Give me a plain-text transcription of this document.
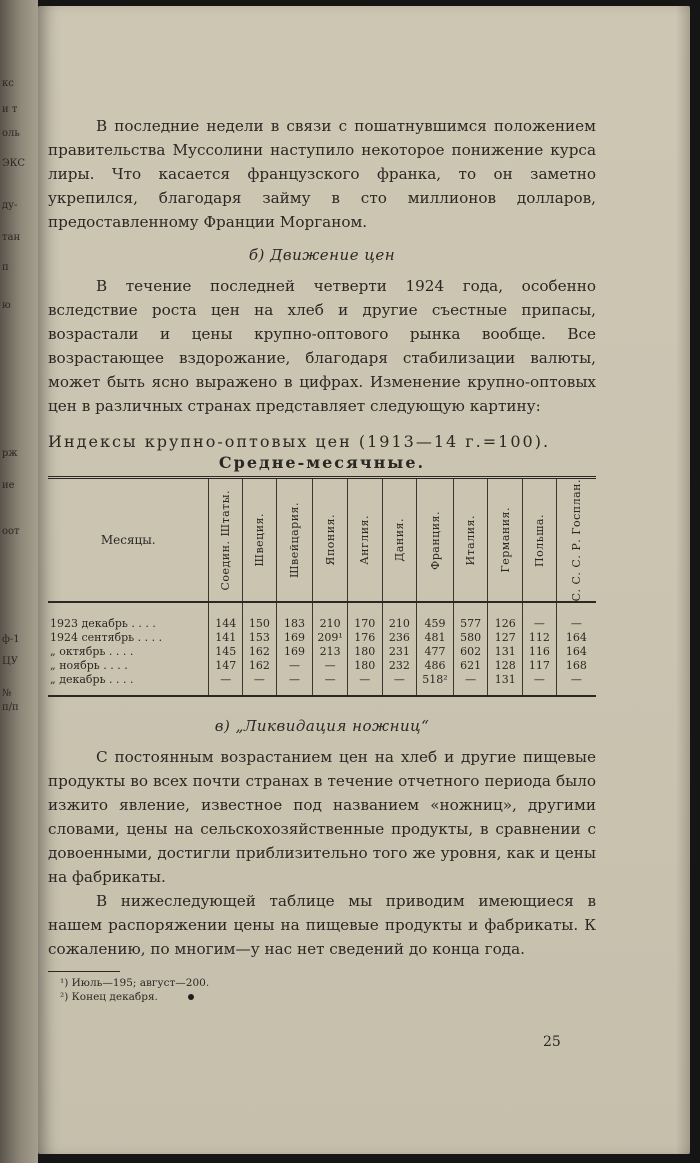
кс
и т
оль
ЭКС
ду-
тан
п
ю
рж
ие
оот
ф-1
ЦУ
№
п/п

В последние недели в связи с пошатнувшимся положением правительства Муссолини наступило некоторое понижение курса лиры. Что касается французского франка, то он заметно укрепился, благодаря займу в сто миллионов долларов, предоставленному Франции Морганом.

б) Движение цен

В течение последней четверти 1924 года, особенно вследствие роста цен на хлеб и другие съестные припасы, возрастали и цены крупно-оптового рынка вообще. Все возрастающее вздорожание, благодаря стабилизации валюты, может быть ясно выражено в цифрах. Изменение крупно-оптовых цен в различных странах представляет следующую картину:

Индексы крупно-оптовых цен (1913—14 г.=100).
Средне-месячные.
Месяцы.	Соедин. Штаты.	Швеция.	Швейцария.	Япония.	Англия.	Дания.	Франция.	Италия.	Германия.	Польша.	С. С. С. Р. Госплан.

1923 декабрь . . . .	144	150	183	210	170	210	459	577	126	—	—
1924 сентябрь . . . .	141	153	169	209¹	176	236	481	580	127	112	164
„ октябрь . . . .	145	162	169	213	180	231	477	602	131	116	164
„ ноябрь . . . .	147	162	—	—	180	232	486	621	128	117	168
„ декабрь . . . .	—	—	—	—	—	—	518²	—	131	—	—
в) „Ликвидация ножниц“

С постоянным возрастанием цен на хлеб и другие пищевые продукты во всех почти странах в течение отчетного периода было изжито явление, известное под названием «ножниц», другими словами, цены на сельскохозяйственные продукты, в сравнении с довоенными, достигли приблизительно того же уровня, как и цены на фабрикаты.

В нижеследующей таблице мы приводим имеющиеся в нашем распоряжении цены на пищевые продукты и фабрикаты. К сожалению, по многим—у нас нет сведений до конца года.

¹) Июль—195; август—200.
²) Конец декабря.
25
